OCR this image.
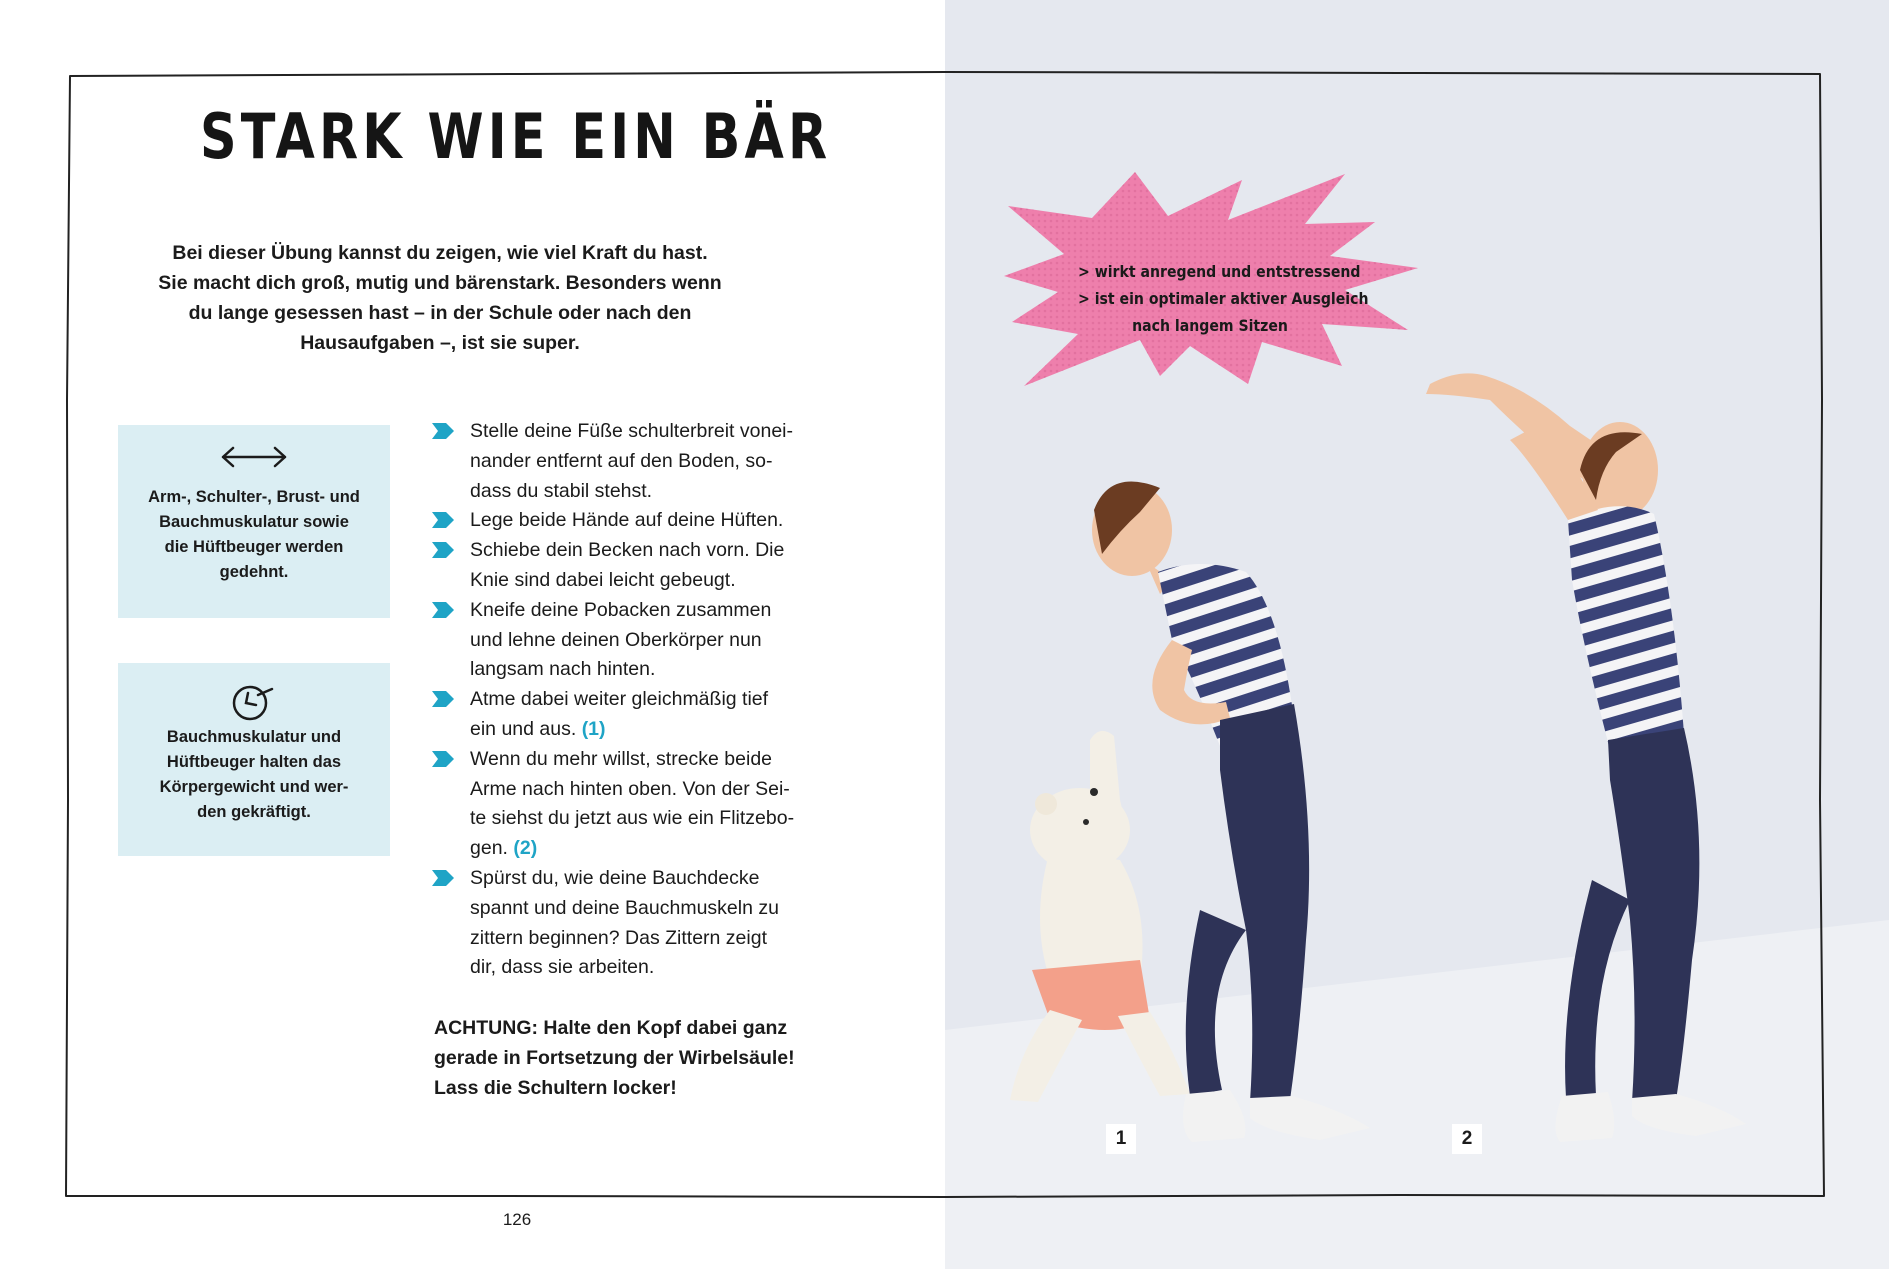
STARK WIE EIN BÄR
Bei dieser Übung kannst du zeigen, wie viel Kraft du hast.
Sie macht dich groß, mutig und bärenstark. Besonders wenn
du lange gesessen hast – in der Schule oder nach den
Hausaufgaben –, ist sie super.
Arm-, Schulter-, Brust- und
Bauchmuskulatur sowie
die Hüftbeuger werden
gedehnt.
Bauchmuskulatur und
Hüftbeuger halten das
Körpergewicht und wer-
den gekräftigt.
Stelle deine Füße schulterbreit vonei-
nander entfernt auf den Boden, so-
dass du stabil stehst.
Lege beide Hände auf deine Hüften.
Schiebe dein Becken nach vorn. Die
Knie sind dabei leicht gebeugt.
Kneife deine Pobacken zusammen
und lehne deinen Oberkörper nun
langsam nach hinten.
Atme dabei weiter gleichmäßig tief
ein und aus. (1)
Wenn du mehr willst, strecke beide
Arme nach hinten oben. Von der Sei-
te siehst du jetzt aus wie ein Flitzebo-
gen. (2)
Spürst du, wie deine Bauchdecke
spannt und deine Bauchmuskeln zu
zittern beginnen? Das Zittern zeigt
dir, dass sie arbeiten.
ACHTUNG: Halte den Kopf dabei ganz
gerade in Fortsetzung der Wirbelsäule!
Lass die Schultern locker!

126

> wirkt anregend und entstressend
> ist ein optimaler aktiver Ausgleich
nach langem Sitzen
1	2
